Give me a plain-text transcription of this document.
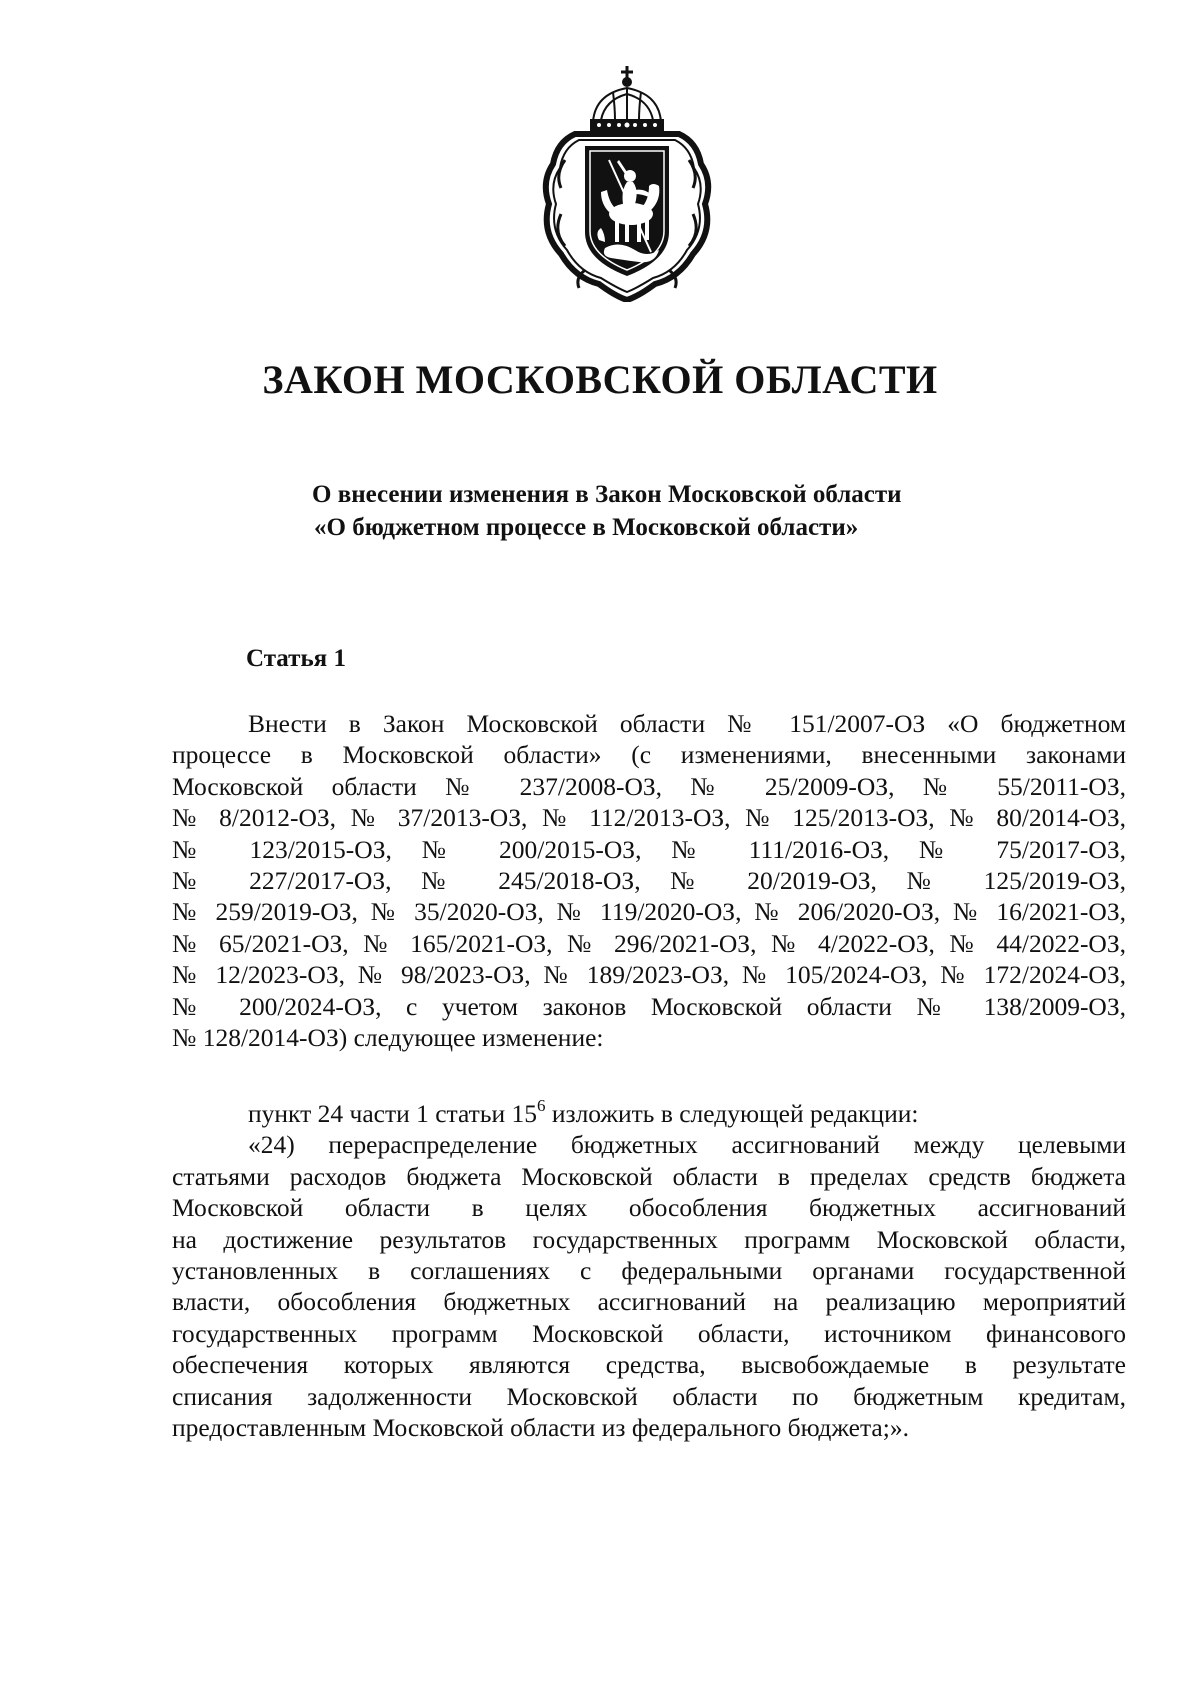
ЗАКОН МОСКОВСКОЙ ОБЛАСТИ
О внесении изменения в Закон Московской области
«О бюджетном процессе в Московской области»
Статья 1
Внести в Закон Московской области № 151/2007-ОЗ «О бюджетном
процессе в Московской области» (с изменениями, внесенными законами
Московской области № 237/2008-ОЗ, № 25/2009-ОЗ, № 55/2011-ОЗ,
№ 8/2012-ОЗ, № 37/2013-ОЗ, № 112/2013-ОЗ, № 125/2013-ОЗ, № 80/2014-ОЗ,
№ 123/2015-ОЗ, № 200/2015-ОЗ, № 111/2016-ОЗ, № 75/2017-ОЗ,
№ 227/2017-ОЗ, № 245/2018-ОЗ, № 20/2019-ОЗ, № 125/2019-ОЗ,
№ 259/2019-ОЗ, № 35/2020-ОЗ, № 119/2020-ОЗ, № 206/2020-ОЗ, № 16/2021-ОЗ,
№ 65/2021-ОЗ, № 165/2021-ОЗ, № 296/2021-ОЗ, № 4/2022-ОЗ, № 44/2022-ОЗ,
№ 12/2023-ОЗ, № 98/2023-ОЗ, № 189/2023-ОЗ, № 105/2024-ОЗ, № 172/2024-ОЗ,
№ 200/2024-ОЗ, с учетом законов Московской области № 138/2009-ОЗ,
№ 128/2014-ОЗ) следующее изменение:
пункт 24 части 1 статьи $15^6$ изложить в следующей редакции:
«24) перераспределение бюджетных ассигнований между целевыми
статьями расходов бюджета Московской области в пределах средств бюджета
Московской области в целях обособления бюджетных ассигнований
на достижение результатов государственных программ Московской области,
установленных в соглашениях с федеральными органами государственной
власти, обособления бюджетных ассигнований на реализацию мероприятий
государственных программ Московской области, источником финансового
обеспечения которых являются средства, высвобождаемые в результате
списания задолженности Московской области по бюджетным кредитам,
предоставленным Московской области из федерального бюджета;».
